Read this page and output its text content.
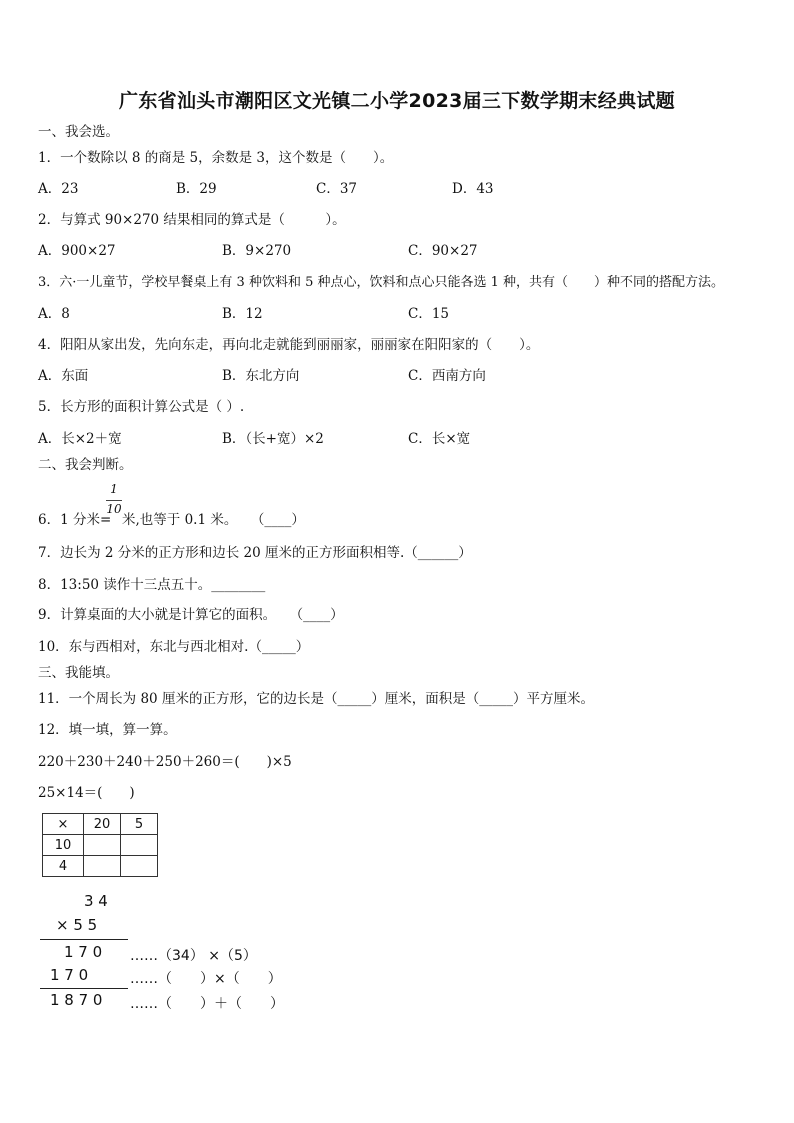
广东省汕头市潮阳区文光镇二小学2023届三下数学期末经典试题
一、我会选。
1．一个数除以 8 的商是 5，余数是 3，这个数是（　　）。
A．23	B．29	C．37	D．43
2．与算式 90×270 结果相同的算式是（　　　）。
A．900×27	B．9×270	C．90×27
3．六·一儿童节，学校早餐桌上有 3 种饮料和 5 种点心，饮料和点心只能各选 1 种，共有（　　）种不同的搭配方法。
A．8	B．12	C．15
4．阳阳从家出发，先向东走，再向北走就能到丽丽家，丽丽家在阳阳家的（　　）。
A．东面	B．东北方向	C．西南方向
5．长方形的面积计算公式是（ ）.
A．长×2＋宽	B．（长+宽）×2	C．长×宽
二、我会判断。
6．1 分米=
1
10
米,也等于 0.1 米。　　（____）
7．边长为 2 分米的正方形和边长 20 厘米的正方形面积相等.（______）
8．13:50 读作十三点五十。________
9．计算桌面的大小就是计算它的面积。　　（____）
10．东与西相对，东北与西北相对.（_____）
三、我能填。
11．一个周长为 80 厘米的正方形，它的边长是（_____）厘米，面积是（_____）平方厘米。
12．填一填，算一算。
220＋230＋240＋250＋260＝(　　)×5
25×14＝(　　)
×	20	5
10		
4		
3 4
× 5 5
1 7 0
1 7 0
1 8 7 0
……（34） ×（5）
……（　　）×（　　）
……（　　）＋（　　）
